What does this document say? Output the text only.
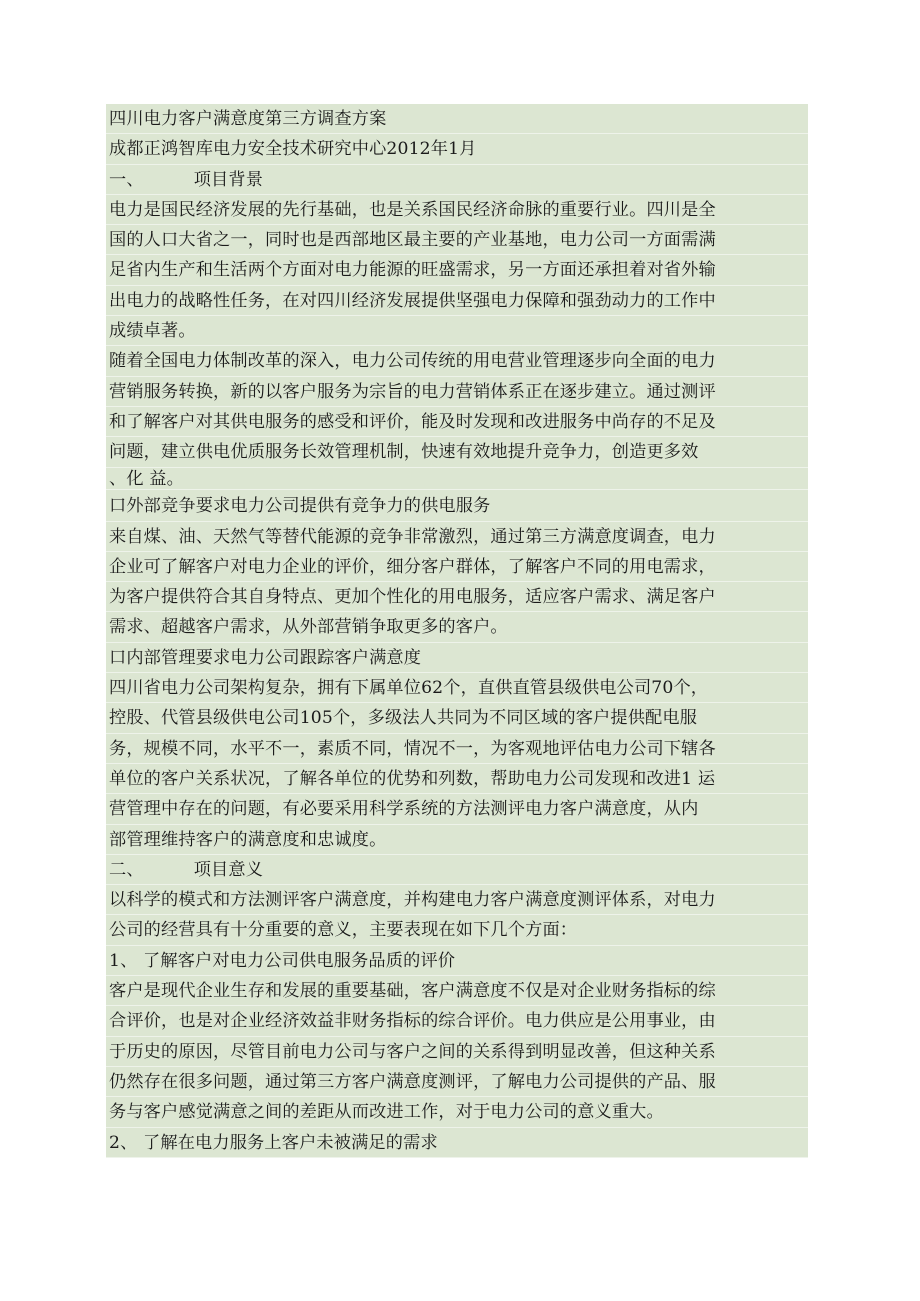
四川电力客户满意度第三方调查方案
成都正鸿智库电力安全技术研究中心2012年1月
一、	项目背景
电力是国民经济发展的先行基础，也是关系国民经济命脉的重要行业。四川是全
国的人口大省之一，同时也是西部地区最主要的产业基地，电力公司一方面需满
足省内生产和生活两个方面对电力能源的旺盛需求，另一方面还承担着对省外输
出电力的战略性任务，在对四川经济发展提供坚强电力保障和强劲动力的工作中
成绩卓著。
随着全国电力体制改革的深入，电力公司传统的用电营业管理逐步向全面的电力
营销服务转换，新的以客户服务为宗旨的电力营销体系正在逐步建立。通过测评
和了解客户对其供电服务的感受和评价，能及时发现和改进服务中尚存的不足及
问题，建立供电优质服务长效管理机制，快速有效地提升竞争力，创造更多效
、化 益。
口外部竞争要求电力公司提供有竞争力的供电服务
来自煤、油、天然气等替代能源的竞争非常激烈，通过第三方满意度调查，电力
企业可了解客户对电力企业的评价，细分客户群体，了解客户不同的用电需求，
为客户提供符合其自身特点、更加个性化的用电服务，适应客户需求、满足客户
需求、超越客户需求，从外部营销争取更多的客户。
口内部管理要求电力公司跟踪客户满意度
四川省电力公司架构复杂，拥有下属单位62个，直供直管县级供电公司70个，
控股、代管县级供电公司105个，多级法人共同为不同区域的客户提供配电服
务，规模不同，水平不一，素质不同，情况不一，为客观地评估电力公司下辖各
单位的客户关系状况，了解各单位的优势和列数，帮助电力公司发现和改进1 运
营管理中存在的问题，有必要采用科学系统的方法测评电力客户满意度，从内
部管理维持客户的满意度和忠诚度。
二、	项目意义
以科学的模式和方法测评客户满意度，并构建电力客户满意度测评体系，对电力
公司的经营具有十分重要的意义，主要表现在如下几个方面：
1、 了解客户对电力公司供电服务品质的评价
客户是现代企业生存和发展的重要基础，客户满意度不仅是对企业财务指标的综
合评价，也是对企业经济效益非财务指标的综合评价。电力供应是公用事业，由
于历史的原因，尽管目前电力公司与客户之间的关系得到明显改善，但这种关系
仍然存在很多问题，通过第三方客户满意度测评，了解电力公司提供的产品、服
务与客户感觉满意之间的差距从而改进工作，对于电力公司的意义重大。
2、 了解在电力服务上客户未被满足的需求
